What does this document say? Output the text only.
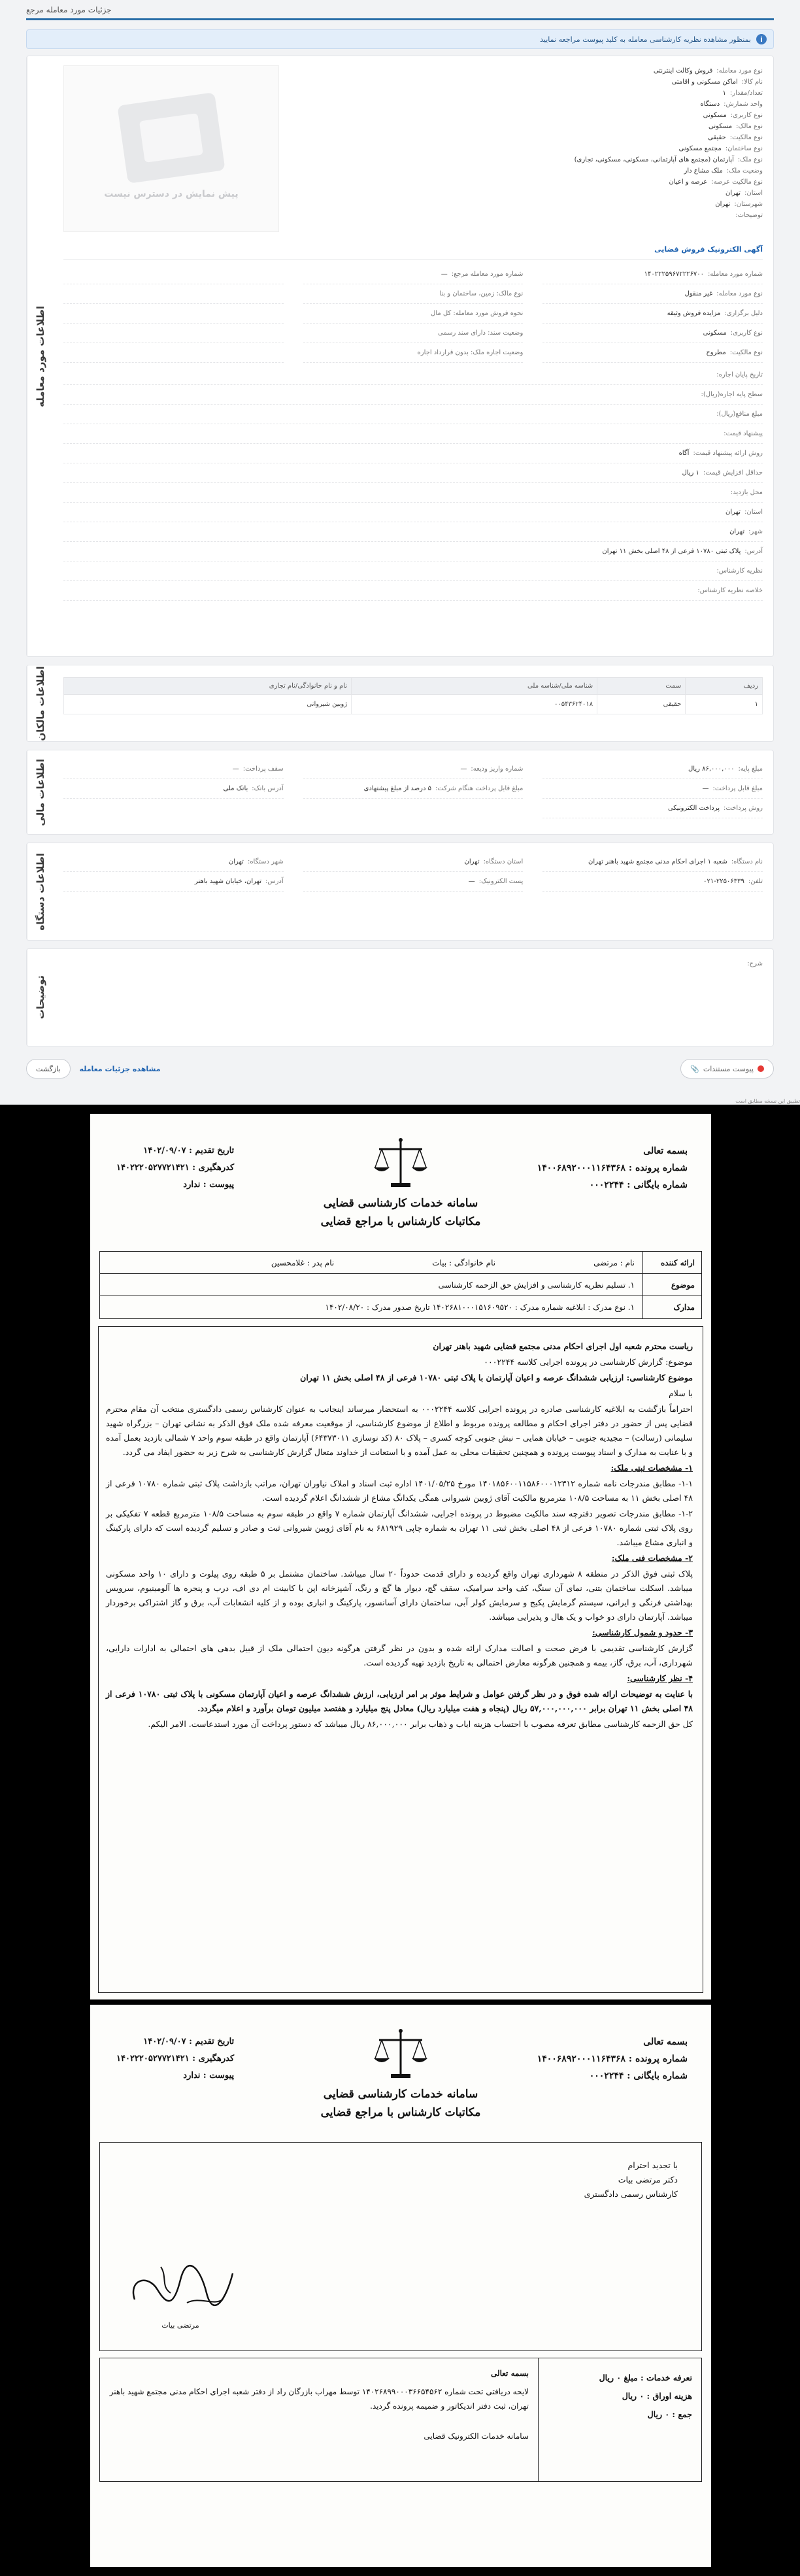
جزئیات مورد معامله مرجع
i
بمنظور مشاهده نظریه کارشناسی معامله به کلید پیوست مراجعه نمایید
نوع مورد معامله:
فروش وکالت اینترنتی
نام کالا:
اماکن مسکونی و اقامتی
تعداد/مقدار:
۱
واحد شمارش:
دستگاه
نوع کاربری:
مسکونی
نوع مالک:
مسکونی
نوع مالکیت:
حقیقی
نوع ساختمان:
مجتمع مسکونی
نوع ملک:
آپارتمان (مجتمع های آپارتمانی، مسکونی، مسکونی، تجاری)
وضعیت ملک:
ملک مشاع دار
نوع مالکیت عرصه:
عرصه و اعیان
استان:
تهران
شهرستان:
تهران
توضیحات:
پیش نمایش در دسترس نیست
آگهی الکترونیک فروش قضایی
شماره مورد معامله:
۱۴۰۲۲۲۵۹۶۷۲۲۲۶۷۰۰
شماره مورد معامله مرجع:
—
نوع مورد معامله:
غیر منقول
نوع مالک: زمین، ساختمان و بنا
دلیل برگزاری:
مزایده فروش وثیقه
نحوه فروش مورد معامله: کل مال
نوع کاربری:
مسکونی
وضعیت سند: دارای سند رسمی
نوع مالکیت:
مطروح
وضعیت اجاره ملک: بدون قرارداد اجاره
تاریخ پایان اجاره:
سطح پایه اجاره(ریال):
مبلغ منافع(ریال):
پیشنهاد قیمت:
روش ارائه پیشنهاد قیمت:
آگاه
حداقل افزایش قیمت:
۱ ریال
محل بازدید:
استان:
تهران
شهر:
تهران
آدرس:
پلاک ثبتی ۱۰۷۸۰ فرعی از ۴۸ اصلی بخش ۱۱ تهران
نظریه کارشناس:
خلاصه نظریه کارشناس:
اطلاعات مورد معامله
ردیف	سمت	شناسه ملی/شناسه ملی	نام و نام خانوادگی/نام تجاری
۱	حقیقی	۰۰۵۴۳۶۲۴۰۱۸	ژوبین شیروانی
اطلاعات مالکان
مبلغ پایه:
۸۶,۰۰۰,۰۰۰ ریال
شماره واریز ودیعه:
—
سقف پرداخت:
—
مبلغ قابل پرداخت:
—
مبلغ قابل پرداخت هنگام شرکت:
۵ درصد از مبلغ پیشنهادی
آدرس بانک:
بانک ملی
روش پرداخت:
پرداخت الکترونیکی
اطلاعات مالی
نام دستگاه:
شعبه ۱ اجرای احکام مدنی مجتمع شهید باهنر تهران
استان دستگاه:
تهران
شهر دستگاه:
تهران
تلفن:
۰۲۱-۲۲۵۰۶۳۳۹
پست الکترونیک:
—
آدرس:
تهران، خیابان شهید باهنر
اطلاعات دستگاه
شرح:
توضیحات
پیوست مستندات
📎
مشاهده جزئیات معامله
بازگشت
تطبیق این نسخه مطابق است
بسمه تعالی
شماره پرونده : ۱۴۰۰۶۸۹۲۰۰۰۱۱۶۴۳۶۸
شماره بایگانی : ۰۰۰۲۲۴۴
سامانه خدمات کارشناسی قضایی
مکاتبات کارشناس با مراجع قضایی
تاریخ تقدیم : ۱۴۰۲/۰۹/۰۷
کدرهگیری : ۱۴۰۲۲۲۰۵۲۷۷۲۱۴۲۱
پیوست : ندارد
ارائه کننده
نام : مرتضی
نام خانوادگی : بیات
نام پدر : غلامحسین
موضوع
۱. تسلیم نظریه کارشناسی و افزایش حق الزحمه کارشناسی
مدارک
۱. نوع مدرک : ابلاغیه شماره مدرک : ۱۴۰۲۶۸۱۰۰۰۱۵۱۶۰۹۵۲۰ تاریخ صدور مدرک : ۱۴۰۲/۰۸/۲۰

ریاست محترم شعبه اول اجرای احکام مدنی مجتمع قضایی شهید باهنر تهران

موضوع: گزارش کارشناسی در پرونده اجرایی کلاسه ۰۰۰۲۲۴۴

موضوع کارشناسی: ارزیابی ششدانگ عرصه و اعیان آپارتمان با پلاک ثبتی ۱۰۷۸۰ فرعی از ۴۸ اصلی بخش ۱۱ تهران

با سلام

احتراماً بازگشت به ابلاغیه کارشناسی صادره در پرونده اجرایی کلاسه ۰۰۰۲۲۴۴ به استحضار میرساند اینجانب به عنوان کارشناس رسمی دادگستری منتخب آن مقام محترم قضایی پس از حضور در دفتر اجرای احکام و مطالعه پرونده مربوط و اطلاع از موضوع کارشناسی، از موقعیت معرفه شده ملک فوق الذکر به نشانی تهران – بزرگراه شهید سلیمانی (رسالت) – مجیدیه جنوبی – خیابان همایی – نبش جنوبی کوچه کسری – پلاک ۸۰ (کد نوسازی ۶۴۳۷۳۰۱۱) آپارتمان واقع در طبقه سوم واحد ۷ شمالی بازدید بعمل آمده و با عنایت به مدارک و اسناد پیوست پرونده و همچنین تحقیقات محلی به عمل آمده و با استعانت از خداوند متعال گزارش کارشناسی به شرح زیر به حضور ایفاد می گردد.

۱- مشخصات ثبتی ملک:

۱-۱- مطابق مندرجات نامه شماره ۱۴۰۱۸۵۶۰۰۱۱۵۸۶۰۰۰۱۲۳۱۲ مورخ ۱۴۰۱/۰۵/۲۵ اداره ثبت اسناد و املاک نیاوران تهران، مراتب بازداشت پلاک ثبتی شماره ۱۰۷۸۰ فرعی از ۴۸ اصلی بخش ۱۱ به مساحت ۱۰۸/۵ مترمربع مالکیت آقای ژوبین شیروانی همگی یکدانگ مشاع از ششدانگ اعلام گردیده است.

۱-۲- مطابق مندرجات تصویر دفترچه سند مالکیت مضبوط در پرونده اجرایی، ششدانگ آپارتمان شماره ۷ واقع در طبقه سوم به مساحت ۱۰۸/۵ مترمربع قطعه ۷ تفکیکی بر روی پلاک ثبتی شماره ۱۰۷۸۰ فرعی از ۴۸ اصلی بخش ثبتی ۱۱ تهران به شماره چاپی ۶۸۱۹۲۹ به نام آقای ژوبین شیروانی ثبت و صادر و تسلیم گردیده است که دارای پارکینگ و انباری مشاع میباشد.

۲- مشخصات فنی ملک:

پلاک ثبتی فوق الذکر در منطقه ۸ شهرداری تهران واقع گردیده و دارای قدمت حدوداً ۲۰ سال میباشد. ساختمان مشتمل بر ۵ طبقه روی پیلوت و دارای ۱۰ واحد مسکونی میباشد. اسکلت ساختمان بتنی، نمای آن سنگ، کف واحد سرامیک، سقف گچ، دیوار ها گچ و رنگ، آشپزخانه اپن با کابینت ام دی اف، درب و پنجره ها آلومینیوم، سرویس بهداشتی فرنگی و ایرانی، سیستم گرمایش پکیج و سرمایش کولر آبی، ساختمان دارای آسانسور، پارکینگ و انباری بوده و از کلیه انشعابات آب، برق و گاز اشتراکی برخوردار میباشد. آپارتمان دارای دو خواب و یک هال و پذیرایی میباشد.

۳- حدود و شمول کارشناسی:

گزارش کارشناسی تقدیمی با فرض صحت و اصالت مدارک ارائه شده و بدون در نظر گرفتن هرگونه دیون احتمالی ملک از قبیل بدهی های احتمالی به ادارات دارایی، شهرداری، آب، برق، گاز، بیمه و همچنین هرگونه معارض احتمالی به تاریخ بازدید تهیه گردیده است.

۴- نظر کارشناسی:

با عنایت به توضیحات ارائه شده فوق و در نظر گرفتن عوامل و شرایط موثر بر امر ارزیابی، ارزش ششدانگ عرصه و اعیان آپارتمان مسکونی با پلاک ثبتی ۱۰۷۸۰ فرعی از ۴۸ اصلی بخش ۱۱ تهران برابر ۵۷,۰۰۰,۰۰۰,۰۰۰ ریال (پنجاه و هفت میلیارد ریال) معادل پنج میلیارد و هفتصد میلیون تومان برآورد و اعلام میگردد.

کل حق الزحمه کارشناسی مطابق تعرفه مصوب با احتساب هزینه ایاب و ذهاب برابر ۸۶,۰۰۰,۰۰۰ ریال میباشد که دستور پرداخت آن مورد استدعاست. الامر الیکم.

بسمه تعالی
شماره پرونده : ۱۴۰۰۶۸۹۲۰۰۰۱۱۶۴۳۶۸
شماره بایگانی : ۰۰۰۲۲۴۴
سامانه خدمات کارشناسی قضایی
مکاتبات کارشناس با مراجع قضایی
تاریخ تقدیم : ۱۴۰۲/۰۹/۰۷
کدرهگیری : ۱۴۰۲۲۲۰۵۲۷۷۲۱۴۲۱
پیوست : ندارد
با تجدید احترام
دکتر مرتضی بیات
کارشناس رسمی دادگستری
مرتضی بیات
تعرفه خدمات : مبلغ ۰ ریال
هزینه اوراق : ۰ ریال
جمع : ۰ ریال
بسمه تعالی
لایحه دریافتی تحت شماره ۱۴۰۲۶۸۹۹۰۰۰۳۶۶۵۴۵۶۲ توسط مهراب بازرگان راد از دفتر شعبه اجرای احکام مدنی مجتمع شهید باهنر تهران، ثبت دفتر اندیکاتور و ضمیمه پرونده گردید.
سامانه خدمات الکترونیک قضایی
